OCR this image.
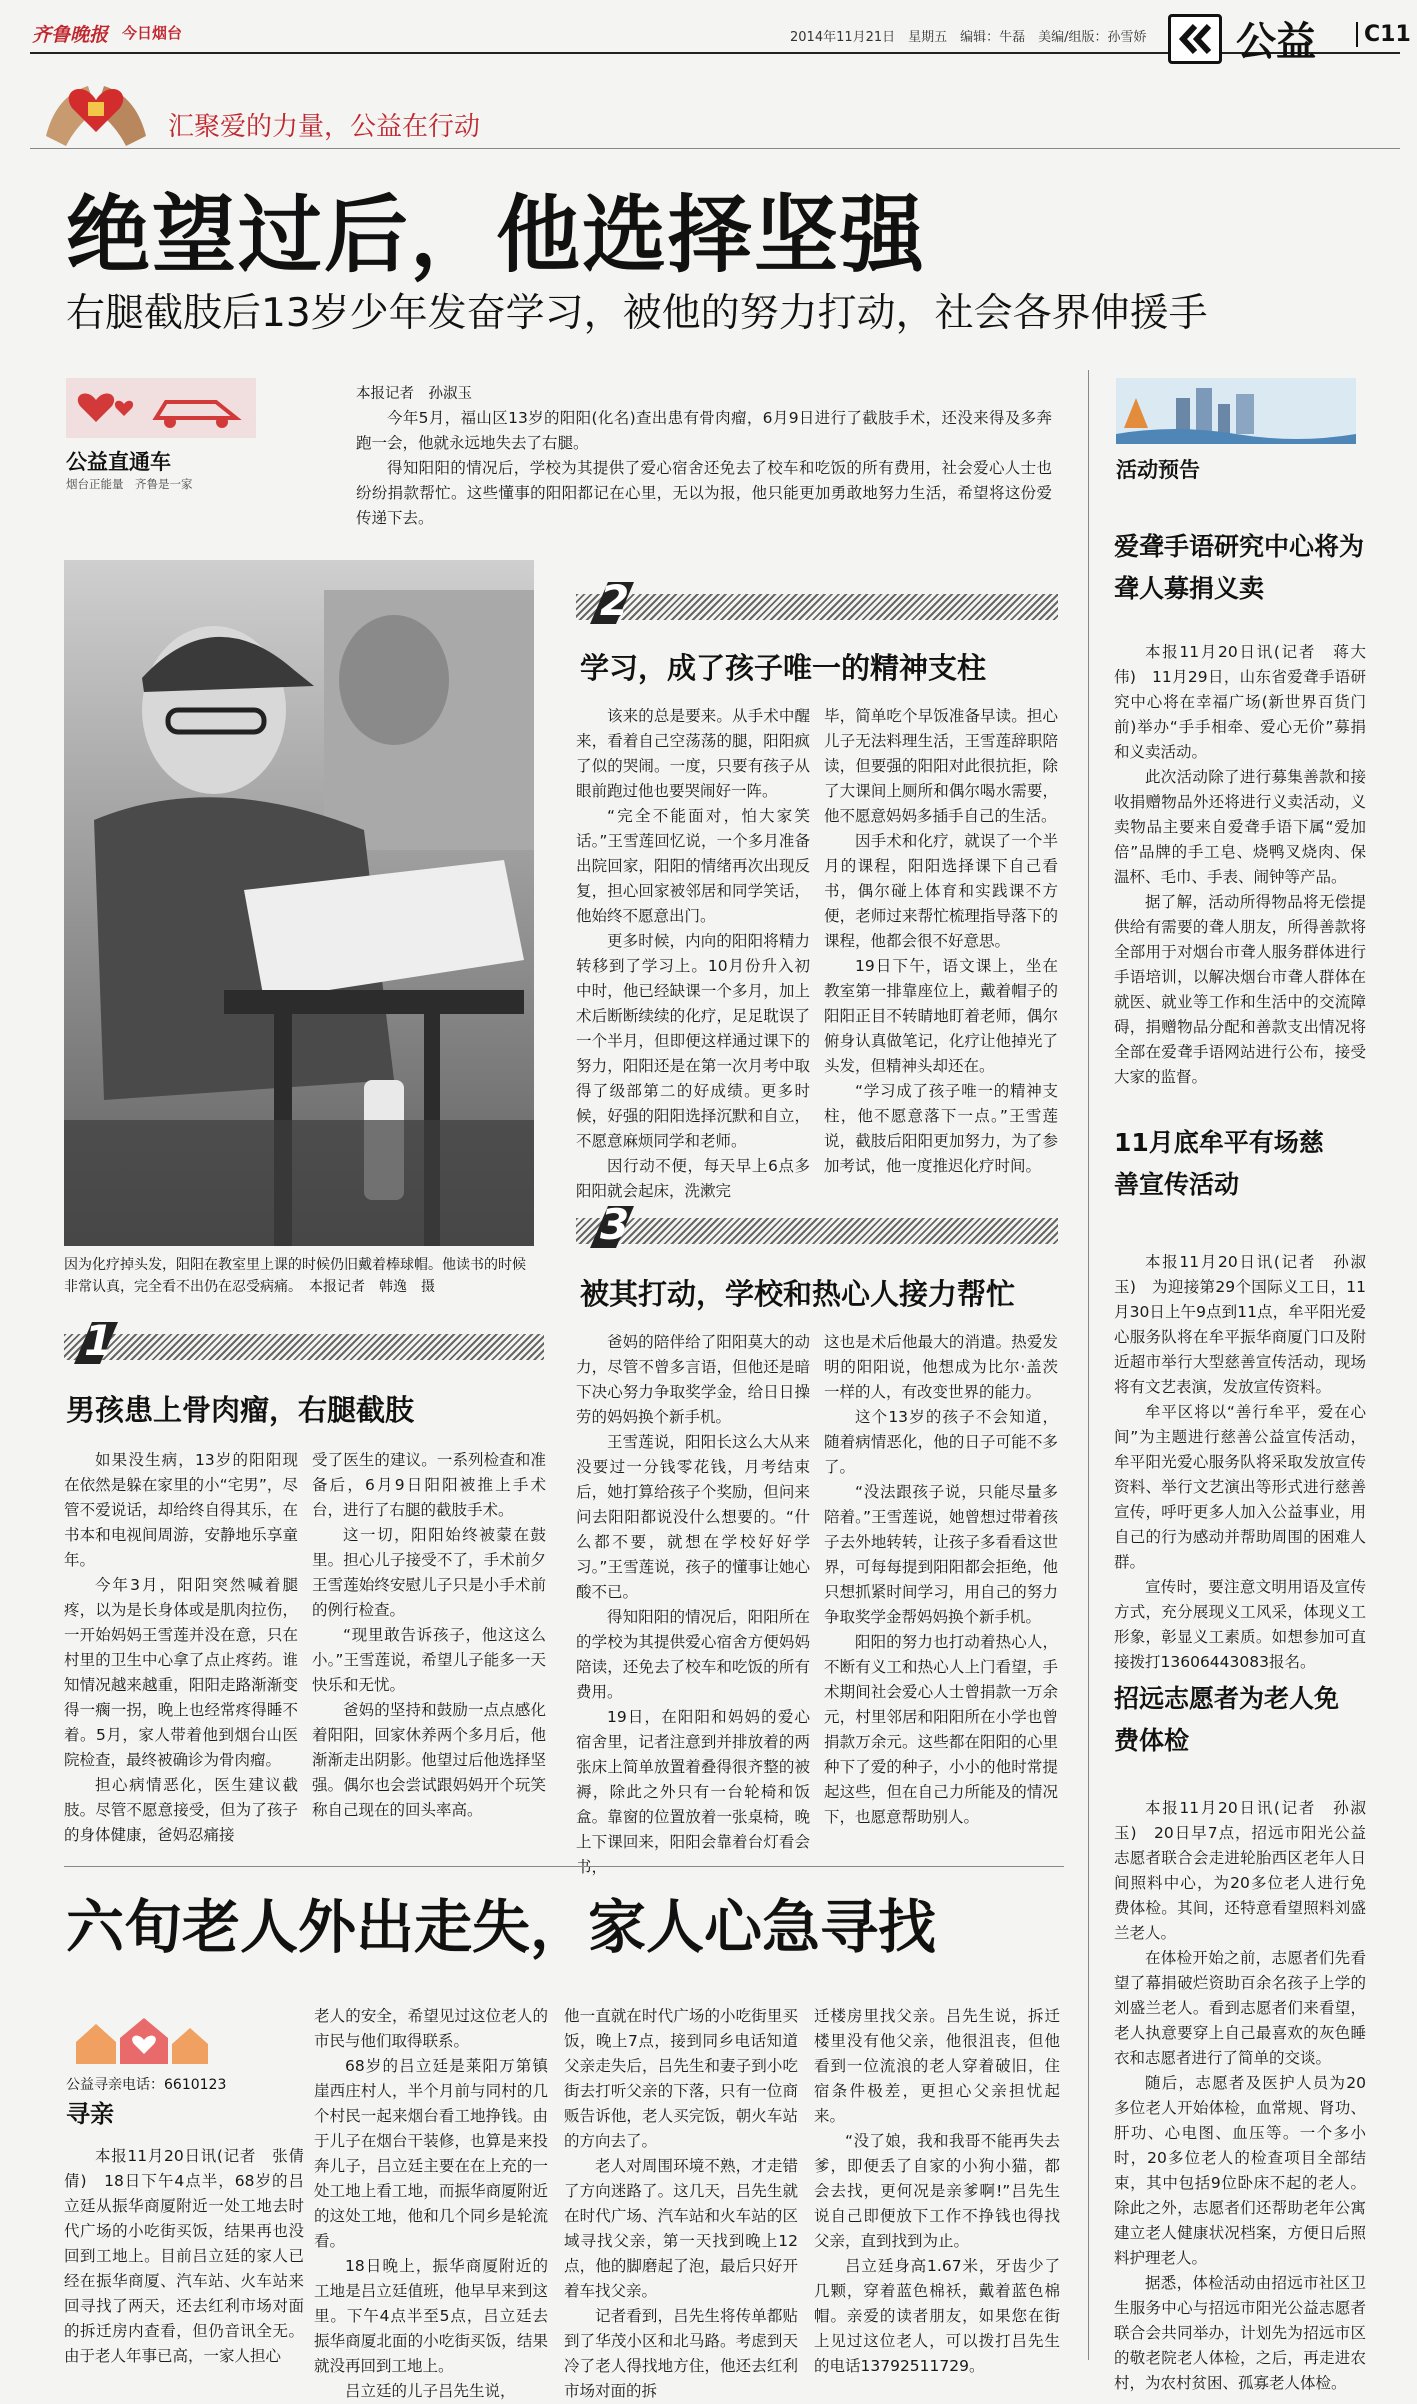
齐鲁晚报 今日烟台	2014年11月21日　星期五　编辑：牛磊　美编/组版：孙雪娇 公益	C11
汇聚爱的力量，公益在行动
绝望过后，他选择坚强
右腿截肢后13岁少年发奋学习，被他的努力打动，社会各界伸援手
公益直通车
烟台正能量　齐鲁是一家
本报记者　孙淑玉

今年5月，福山区13岁的阳阳(化名)查出患有骨肉瘤，6月9日进行了截肢手术，还没来得及多奔跑一会，他就永远地失去了右腿。

得知阳阳的情况后，学校为其提供了爱心宿舍还免去了校车和吃饭的所有费用，社会爱心人士也纷纷捐款帮忙。这些懂事的阳阳都记在心里，无以为报，他只能更加勇敢地努力生活，希望将这份爱传递下去。

因为化疗掉头发，阳阳在教室里上课的时候仍旧戴着棒球帽。他读书的时候非常认真，完全看不出仍在忍受病痛。　本报记者　韩逸　摄
1
男孩患上骨肉瘤，右腿截肢

如果没生病，13岁的阳阳现在依然是躲在家里的小“宅男”，尽管不爱说话，却给终自得其乐，在书本和电视间周游，安静地乐享童年。

今年3月，阳阳突然喊着腿疼，以为是长身体或是肌肉拉伤，一开始妈妈王雪莲并没在意，只在村里的卫生中心拿了点止疼药。谁知情况越来越重，阳阳走路渐渐变得一瘸一拐，晚上也经常疼得睡不着。5月，家人带着他到烟台山医院检查，最终被确诊为骨肉瘤。

担心病情恶化，医生建议截肢。尽管不愿意接受，但为了孩子的身体健康，爸妈忍痛接

受了医生的建议。一系列检查和准备后，6月9日阳阳被推上手术台，进行了右腿的截肢手术。

这一切，阳阳始终被蒙在鼓里。担心儿子接受不了，手术前夕王雪莲始终安慰儿子只是小手术前的例行检查。

“现里敢告诉孩子，他这这么小。”王雪莲说，希望儿子能多一天快乐和无忧。

爸妈的坚持和鼓励一点点感化着阳阳，回家休养两个多月后，他渐渐走出阴影。他望过后他选择坚强。偶尔也会尝试跟妈妈开个玩笑称自己现在的回头率高。

2
学习，成了孩子唯一的精神支柱

该来的总是要来。从手术中醒来，看着自己空荡荡的腿，阳阳疯了似的哭闹。一度，只要有孩子从眼前跑过他也要哭闹好一阵。

“完全不能面对，怕大家笑话。”王雪莲回忆说，一个多月准备出院回家，阳阳的情绪再次出现反复，担心回家被邻居和同学笑话，他始终不愿意出门。

更多时候，内向的阳阳将精力转移到了学习上。10月份升入初中时，他已经缺课一个多月，加上术后断断续续的化疗，足足耽误了一个半月，但即便这样通过课下的努力，阳阳还是在第一次月考中取得了级部第二的好成绩。更多时候，好强的阳阳选择沉默和自立，不愿意麻烦同学和老师。

因行动不便，每天早上6点多阳阳就会起床，洗漱完

毕，简单吃个早饭准备早读。担心儿子无法料理生活，王雪莲辞职陪读，但要强的阳阳对此很抗拒，除了大课间上厕所和偶尔喝水需要，他不愿意妈妈多插手自己的生活。

因手术和化疗，就误了一个半月的课程，阳阳选择课下自己看书，偶尔碰上体育和实践课不方便，老师过来帮忙梳理指导落下的课程，他都会很不好意思。

19日下午，语文课上，坐在教室第一排靠座位上，戴着帽子的阳阳正目不转睛地盯着老师，偶尔俯身认真做笔记，化疗让他掉光了头发，但精神头却还在。

“学习成了孩子唯一的精神支柱，他不愿意落下一点。”王雪莲说，截肢后阳阳更加努力，为了参加考试，他一度推迟化疗时间。

3
被其打动，学校和热心人接力帮忙

爸妈的陪伴给了阳阳莫大的动力，尽管不曾多言语，但他还是暗下决心努力争取奖学金，给日日操劳的妈妈换个新手机。

王雪莲说，阳阳长这么大从来没要过一分钱零花钱，月考结束后，她打算给孩子个奖励，但问来问去阳阳都说没什么想要的。“什么都不要，就想在学校好好学习。”王雪莲说，孩子的懂事让她心酸不已。

得知阳阳的情况后，阳阳所在的学校为其提供爱心宿舍方便妈妈陪读，还免去了校车和吃饭的所有费用。

19日，在阳阳和妈妈的爱心宿舍里，记者注意到并排放着的两张床上简单放置着叠得很齐整的被褥，除此之外只有一台轮椅和饭盒。靠窗的位置放着一张桌椅，晚上下课回来，阳阳会靠着台灯看会书，

这也是术后他最大的消遣。热爱发明的阳阳说，他想成为比尔·盖茨一样的人，有改变世界的能力。

这个13岁的孩子不会知道，随着病情恶化，他的日子可能不多了。

“没法跟孩子说，只能尽量多陪着。”王雪莲说，她曾想过带着孩子去外地转转，让孩子多看看这世界，可每每提到阳阳都会拒绝，他只想抓紧时间学习，用自己的努力争取奖学金帮妈妈换个新手机。

阳阳的努力也打动着热心人，不断有义工和热心人上门看望，手术期间社会爱心人士曾捐款一万余元，村里邻居和阳阳所在小学也曾捐款万余元。这些都在阳阳的心里种下了爱的种子，小小的他时常提起这些，但在自己力所能及的情况下，也愿意帮助别人。

活动预告
爱聋手语研究中心将为聋人募捐义卖

本报11月20日讯(记者　蒋大伟)　11月29日，山东省爱聋手语研究中心将在幸福广场(新世界百货门前)举办“手手相牵、爱心无价”募捐和义卖活动。

此次活动除了进行募集善款和接收捐赠物品外还将进行义卖活动，义卖物品主要来自爱聋手语下属“爱加倍”品牌的手工皂、烧鸭叉烧肉、保温杯、毛巾、手表、闹钟等产品。

据了解，活动所得物品将无偿提供给有需要的聋人朋友，所得善款将全部用于对烟台市聋人服务群体进行手语培训，以解决烟台市聋人群体在就医、就业等工作和生活中的交流障碍，捐赠物品分配和善款支出情况将全部在爱聋手语网站进行公布，接受大家的监督。

11月底牟平有场慈善宣传活动

本报11月20日讯(记者　孙淑玉)　为迎接第29个国际义工日，11月30日上午9点到11点，牟平阳光爱心服务队将在牟平振华商厦门口及附近超市举行大型慈善宣传活动，现场将有文艺表演，发放宣传资料。

牟平区将以“善行牟平，爱在心间”为主题进行慈善公益宣传活动，牟平阳光爱心服务队将采取发放宣传资料、举行文艺演出等形式进行慈善宣传，呼吁更多人加入公益事业，用自己的行为感动并帮助周围的困难人群。

宣传时，要注意文明用语及宣传方式，充分展现义工风采，体现义工形象，彰显义工素质。如想参加可直接拨打13606443083报名。

招远志愿者为老人免费体检

本报11月20日讯(记者　孙淑玉)　20日早7点，招远市阳光公益志愿者联合会走进轮胎西区老年人日间照料中心，为20多位老人进行免费体检。其间，还特意看望照料刘盛兰老人。

在体检开始之前，志愿者们先看望了幕捐破烂资助百余名孩子上学的刘盛兰老人。看到志愿者们来看望，老人执意要穿上自己最喜欢的灰色睡衣和志愿者进行了简单的交谈。

随后，志愿者及医护人员为20多位老人开始体检，血常规、肾功、肝功、心电图、血压等。一个多小时，20多位老人的检查项目全部结束，其中包括9位卧床不起的老人。除此之外，志愿者们还帮助老年公寓建立老人健康状况档案，方便日后照料护理老人。

据悉，体检活动由招远市社区卫生服务中心与招远市阳光公益志愿者联合会共同举办，计划先为招远市区的敬老院老人体检，之后，再走进农村，为农村贫困、孤寡老人体检。

六旬老人外出走失，家人心急寻找
公益寻亲电话：6610123
寻亲

本报11月20日讯(记者　张倩倩)　18日下午4点半，68岁的吕立廷从振华商厦附近一处工地去时代广场的小吃街买饭，结果再也没回到工地上。目前吕立廷的家人已经在振华商厦、汽车站、火车站来回寻找了两天，还去红利市场对面的拆迁房内查看，但仍音讯全无。由于老人年事已高，一家人担心

老人的安全，希望见过这位老人的市民与他们取得联系。

68岁的吕立廷是莱阳万第镇崖西庄村人，半个月前与同村的几个村民一起来烟台看工地挣钱。由于儿子在烟台干装修，也算是来投奔儿子，吕立廷主要在在上充的一处工地上看工地，而振华商厦附近的这处工地，他和几个同乡是轮流看。

18日晚上，振华商厦附近的工地是吕立廷值班，他早早来到这里。下午4点半至5点，吕立廷去振华商厦北面的小吃街买饭，结果就没再回到工地上。

吕立廷的儿子吕先生说，

他一直就在时代广场的小吃街里买饭，晚上7点，接到同乡电话知道父亲走失后，吕先生和妻子到小吃街去打听父亲的下落，只有一位商贩告诉他，老人买完饭，朝火车站的方向去了。

老人对周围环境不熟，才走错了方向迷路了。这几天，吕先生就在时代广场、汽车站和火车站的区域寻找父亲，第一天找到晚上12点，他的脚磨起了泡，最后只好开着车找父亲。

记者看到，吕先生将传单都贴到了华茂小区和北马路。考虑到天冷了老人得找地方住，他还去红利市场对面的拆

迁楼房里找父亲。吕先生说，拆迁楼里没有他父亲，他很沮丧，但他看到一位流浪的老人穿着破旧，住宿条件极差，更担心父亲担忧起来。

“没了娘，我和我哥不能再失去爹，即便丢了自家的小狗小猫，都会去找，更何况是亲爹啊!”吕先生说自己即便放下工作不挣钱也得找父亲，直到找到为止。

吕立廷身高1.67米，牙齿少了几颗，穿着蓝色棉袄，戴着蓝色棉帽。亲爱的读者朋友，如果您在街上见过这位老人，可以拨打吕先生的电话13792511729。
